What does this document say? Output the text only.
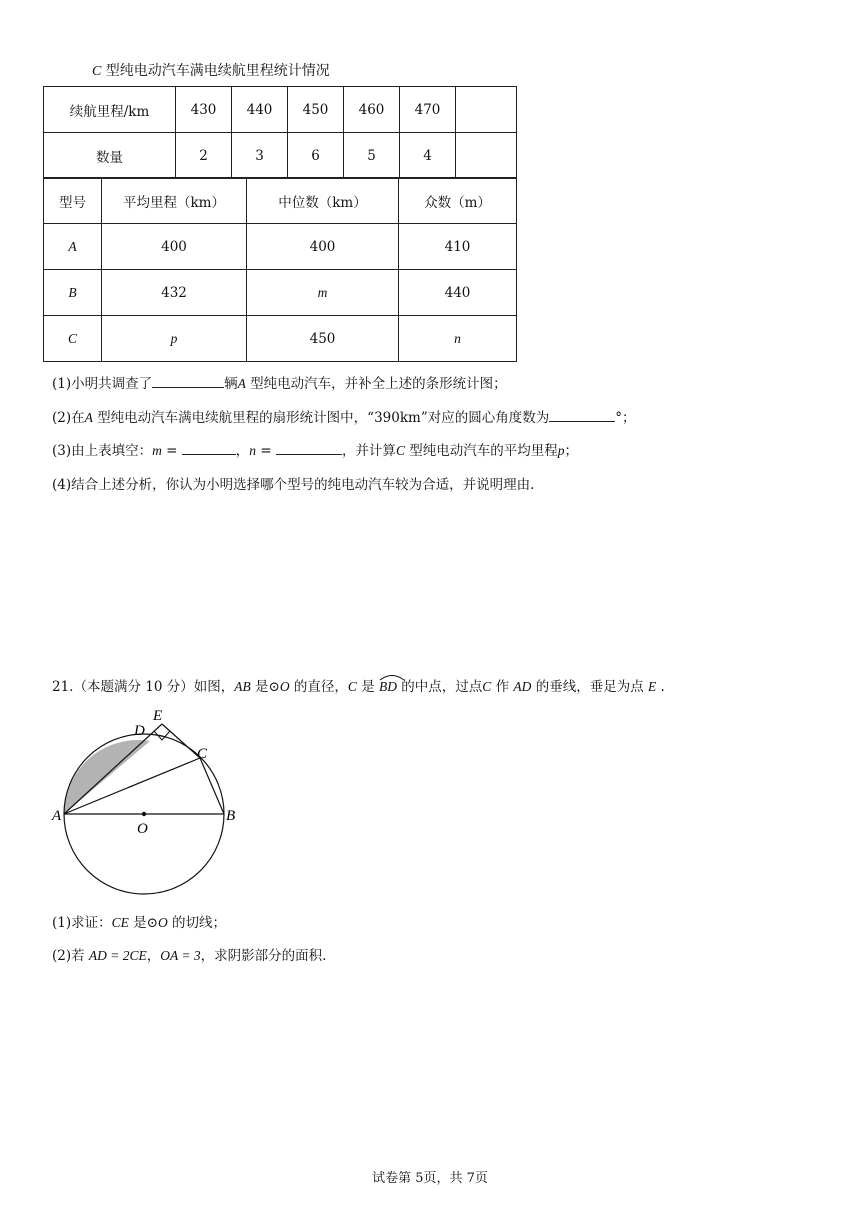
C 型纯电动汽车满电续航里程统计情况
续航里程/km	430	440	450	460	470	
数量	2	3	6	5	4	
型号	平均里程（km）	中位数（km）	众数（m）
A	400	400	410
B	432	m	440
C	p	450	n
(1)小明共调查了	辆A 型纯电动汽车，并补全上述的条形统计图；
(2)在A 型纯电动汽车满电续航里程的扇形统计图中，“390km”对应的圆心角度数为	°；
(3)由上表填空：m =	，n =	，并计算C 型纯电动汽车的平均里程p；
(4)结合上述分析，你认为小明选择哪个型号的纯电动汽车较为合适，并说明理由.
21.（本题满分 10 分）如图，AB 是⊙O 的直径，C 是
BD 的中点，过点C 作 AD 的垂线，垂足为点 E .
A	B
C
D
E
O
(1)求证：CE 是⊙O 的切线；
(2)若 AD = 2CE，OA = 3，求阴影部分的面积.
试卷第 5页，共 7页
